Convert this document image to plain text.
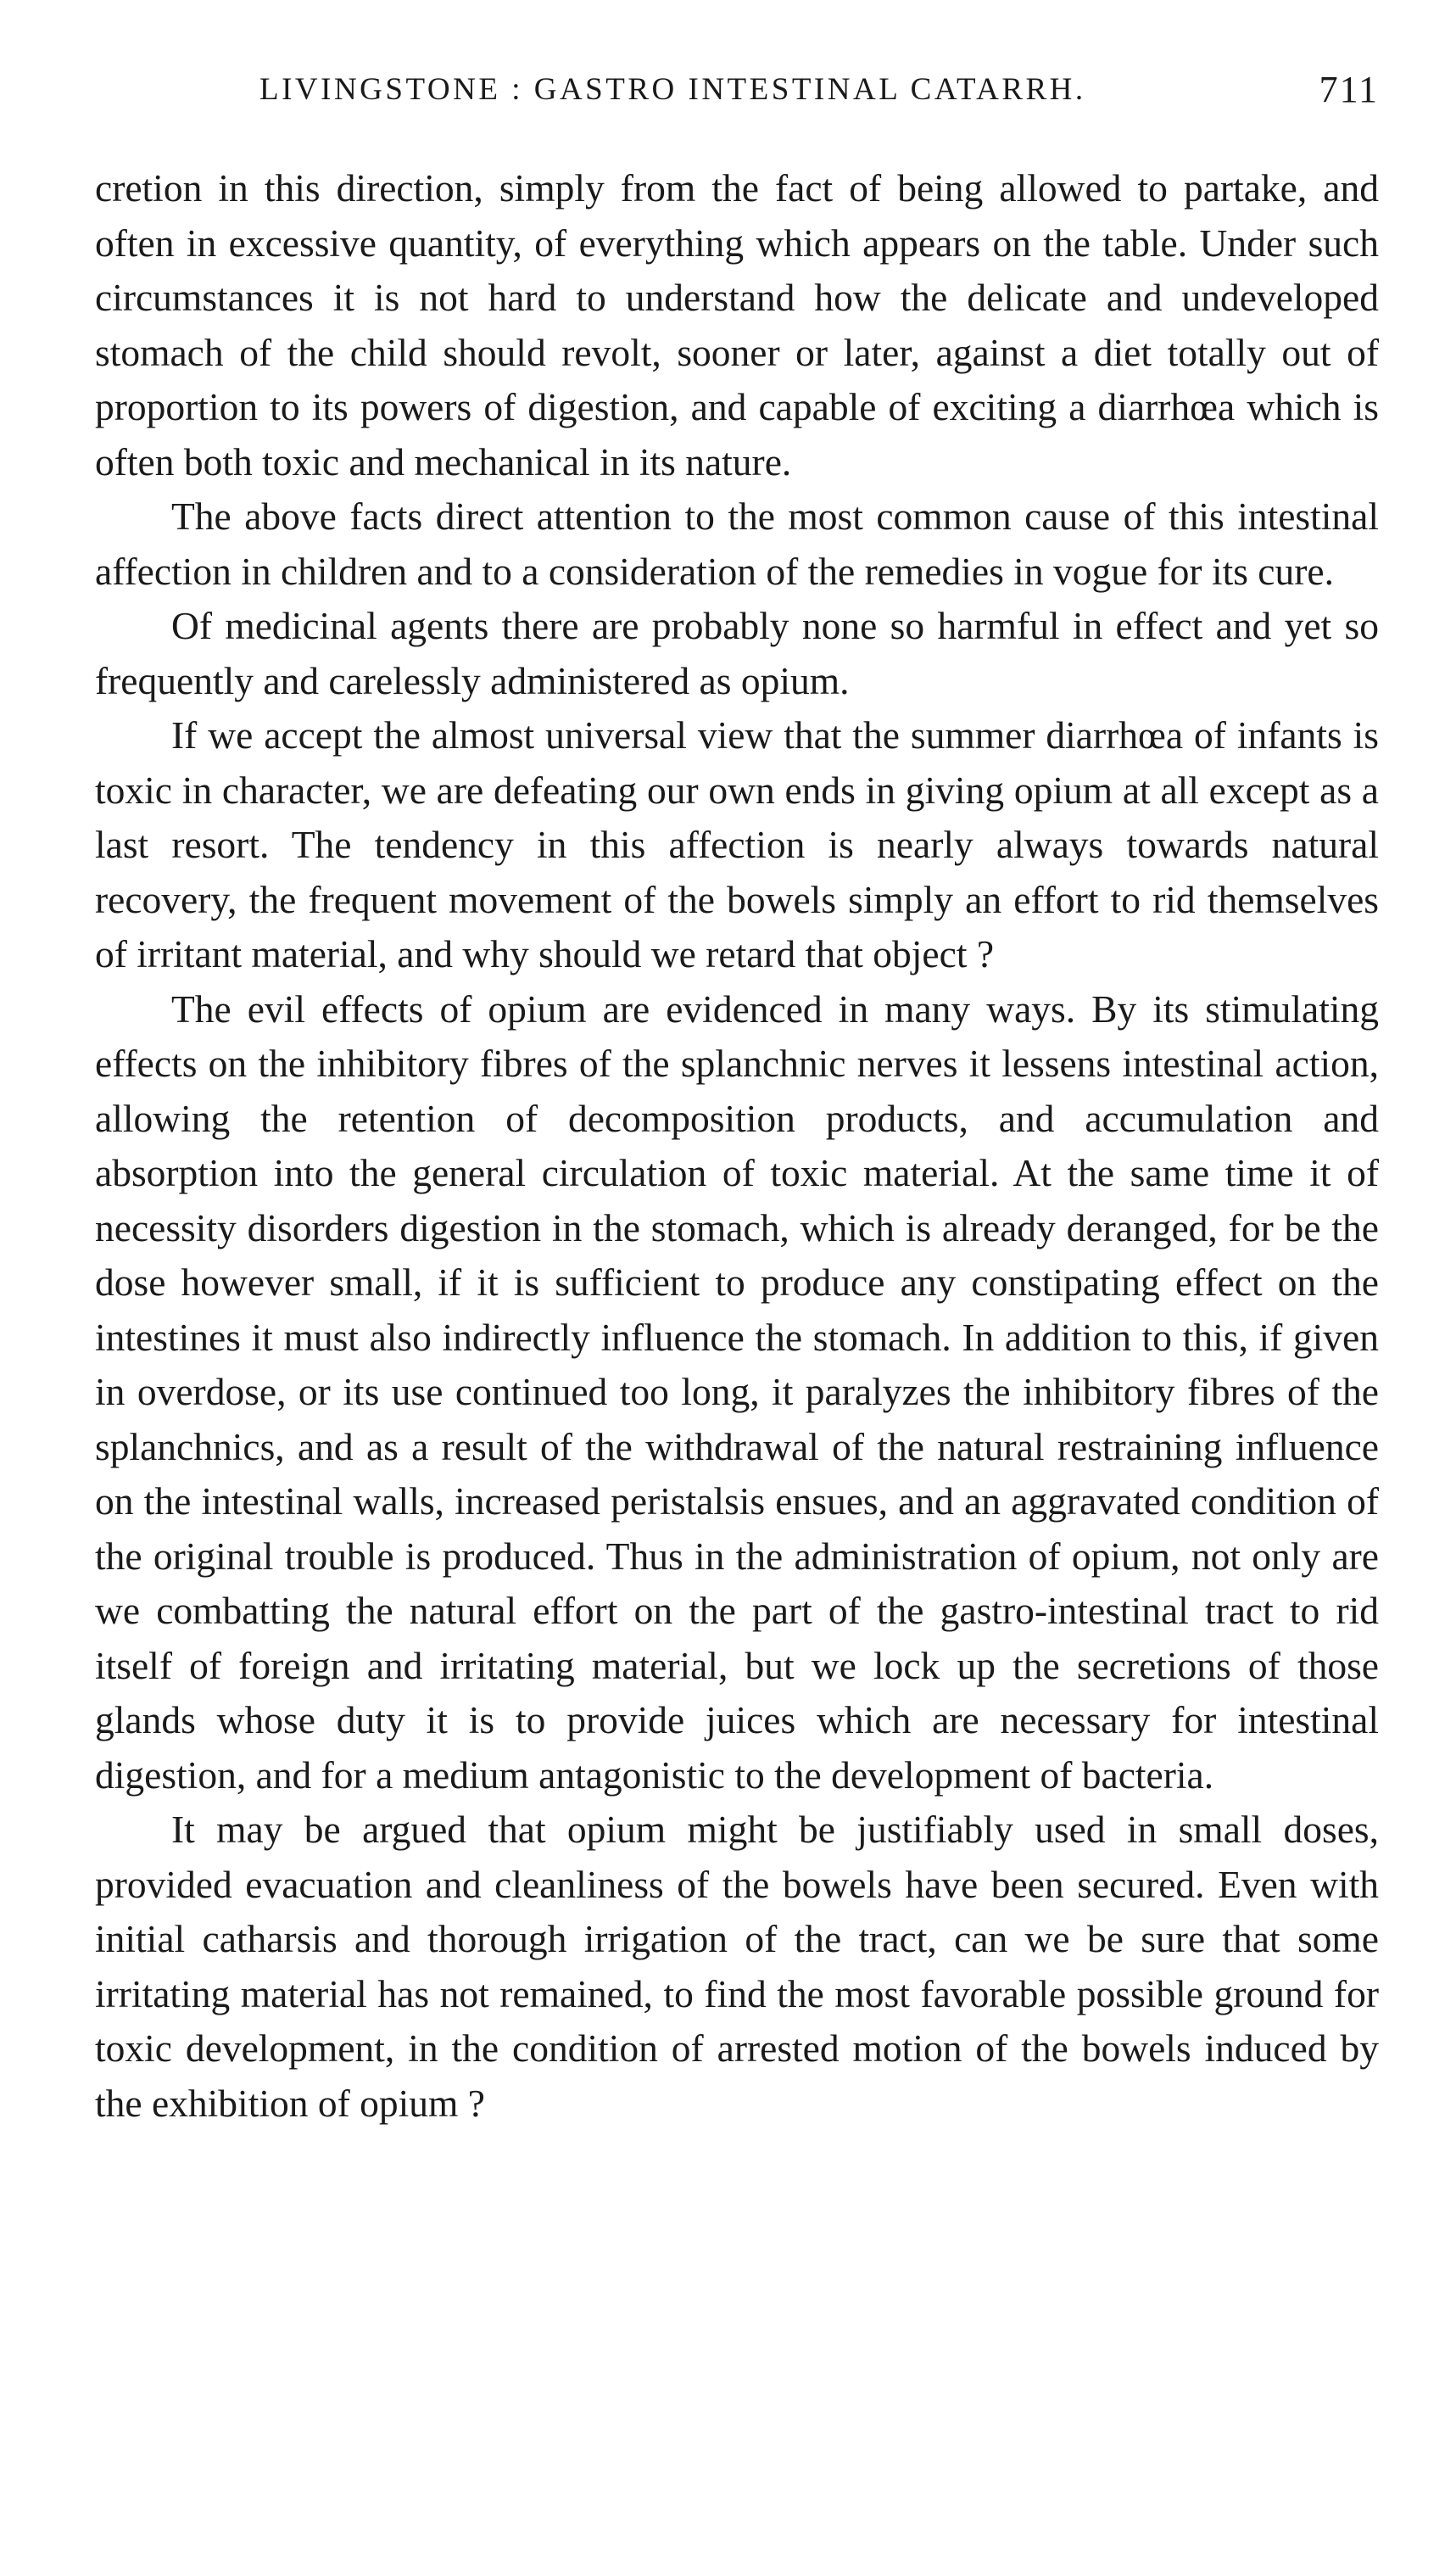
LIVINGSTONE : GASTRO INTESTINAL CATARRH.	711

cretion in this direction, simply from the fact of being allowed to partake, and often in excessive quantity, of everything which appears on the table. Under such circumstances it is not hard to understand how the delicate and undeveloped stomach of the child should revolt, sooner or later, against a diet totally out of proportion to its powers of digestion, and capable of exciting a diarrhœa which is often both toxic and mechanical in its nature.

The above facts direct attention to the most common cause of this intestinal affection in children and to a consideration of the remedies in vogue for its cure.

Of medicinal agents there are probably none so harmful in effect and yet so frequently and carelessly administered as opium.

If we accept the almost universal view that the summer diarrhœa of infants is toxic in character, we are defeating our own ends in giving opium at all except as a last resort. The tendency in this affection is nearly always towards natural recovery, the frequent movement of the bowels simply an effort to rid themselves of irritant material, and why should we retard that object ?

The evil effects of opium are evidenced in many ways. By its stimulating effects on the inhibitory fibres of the splanchnic nerves it lessens intestinal action, allowing the retention of decomposition products, and accumulation and absorption into the general circulation of toxic material. At the same time it of necessity disorders digestion in the stomach, which is already deranged, for be the dose however small, if it is sufficient to produce any constipating effect on the intestines it must also indirectly influence the stomach. In addition to this, if given in overdose, or its use continued too long, it paralyzes the inhibitory fibres of the splanchnics, and as a result of the withdrawal of the natural restraining influence on the intestinal walls, increased peristalsis ensues, and an aggravated condition of the original trouble is produced. Thus in the administration of opium, not only are we combatting the natural effort on the part of the gastro-intestinal tract to rid itself of foreign and irritating material, but we lock up the secretions of those glands whose duty it is to provide juices which are necessary for intestinal digestion, and for a medium antagonistic to the development of bacteria.

It may be argued that opium might be justifiably used in small doses, provided evacuation and cleanliness of the bowels have been secured. Even with initial catharsis and thorough irrigation of the tract, can we be sure that some irritating material has not remained, to find the most favorable possible ground for toxic development, in the condition of arrested motion of the bowels induced by the exhibition of opium ?
